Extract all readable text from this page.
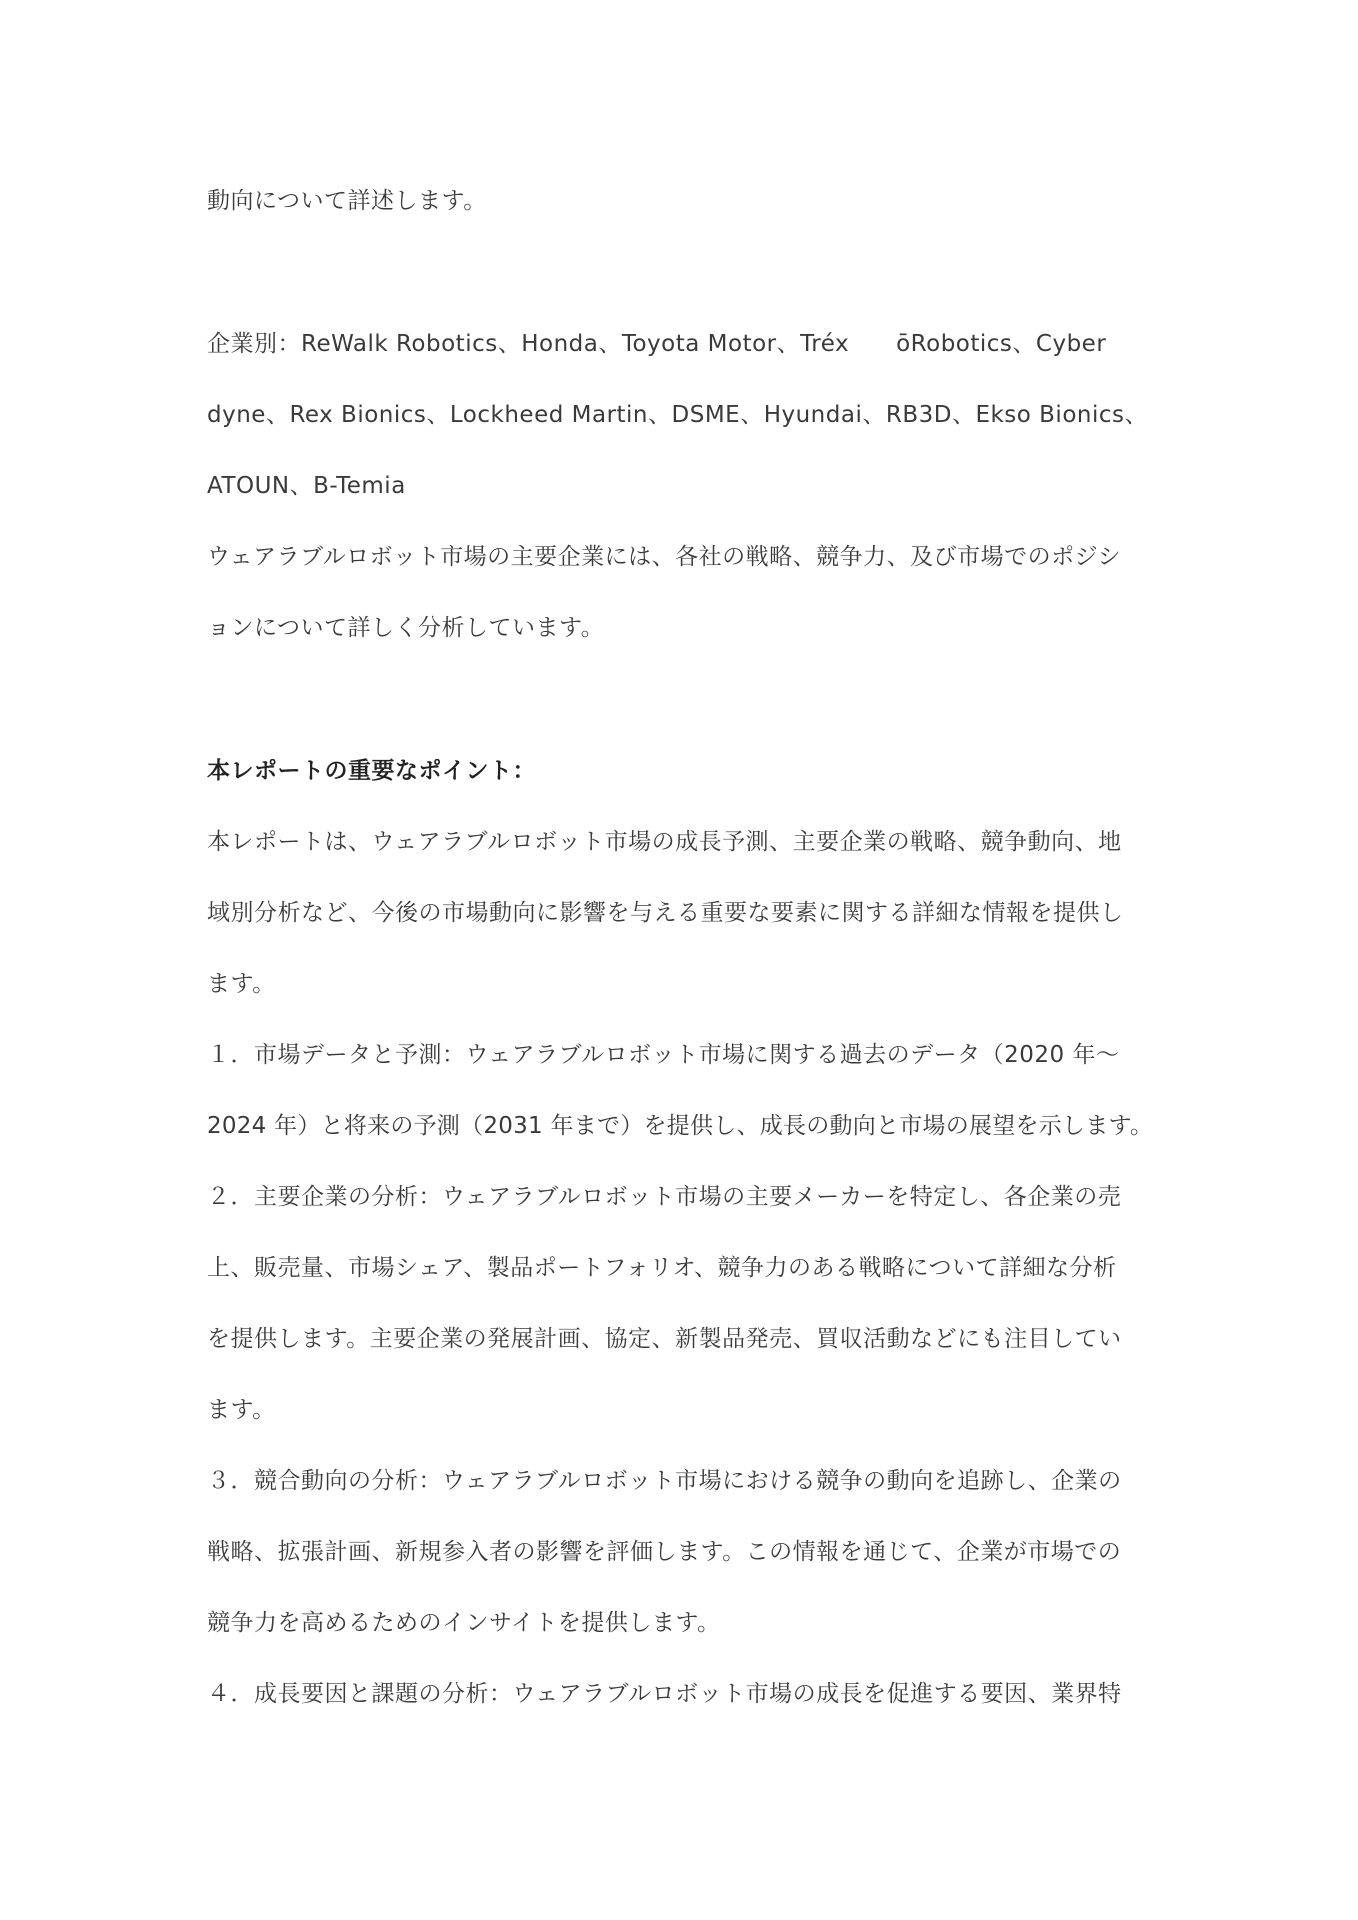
動向について詳述します。

企業別：ReWalk Robotics、Honda、Toyota Motor、Tréx　　ōRobotics、Cyber

dyne、Rex Bionics、Lockheed Martin、DSME、Hyundai、RB3D、Ekso Bionics、

ATOUN、B-Temia

ウェアラブルロボット市場の主要企業には、各社の戦略、競争力、及び市場でのポジシ

ョンについて詳しく分析しています。

本レポートの重要なポイント：

本レポートは、ウェアラブルロボット市場の成長予測、主要企業の戦略、競争動向、地

域別分析など、今後の市場動向に影響を与える重要な要素に関する詳細な情報を提供し

ます。

１．市場データと予測：ウェアラブルロボット市場に関する過去のデータ（2020 年～

2024 年）と将来の予測（2031 年まで）を提供し、成長の動向と市場の展望を示します。

２．主要企業の分析：ウェアラブルロボット市場の主要メーカーを特定し、各企業の売

上、販売量、市場シェア、製品ポートフォリオ、競争力のある戦略について詳細な分析

を提供します。主要企業の発展計画、協定、新製品発売、買収活動などにも注目してい

ます。

３．競合動向の分析：ウェアラブルロボット市場における競争の動向を追跡し、企業の

戦略、拡張計画、新規参入者の影響を評価します。この情報を通じて、企業が市場での

競争力を高めるためのインサイトを提供します。

４．成長要因と課題の分析：ウェアラブルロボット市場の成長を促進する要因、業界特
